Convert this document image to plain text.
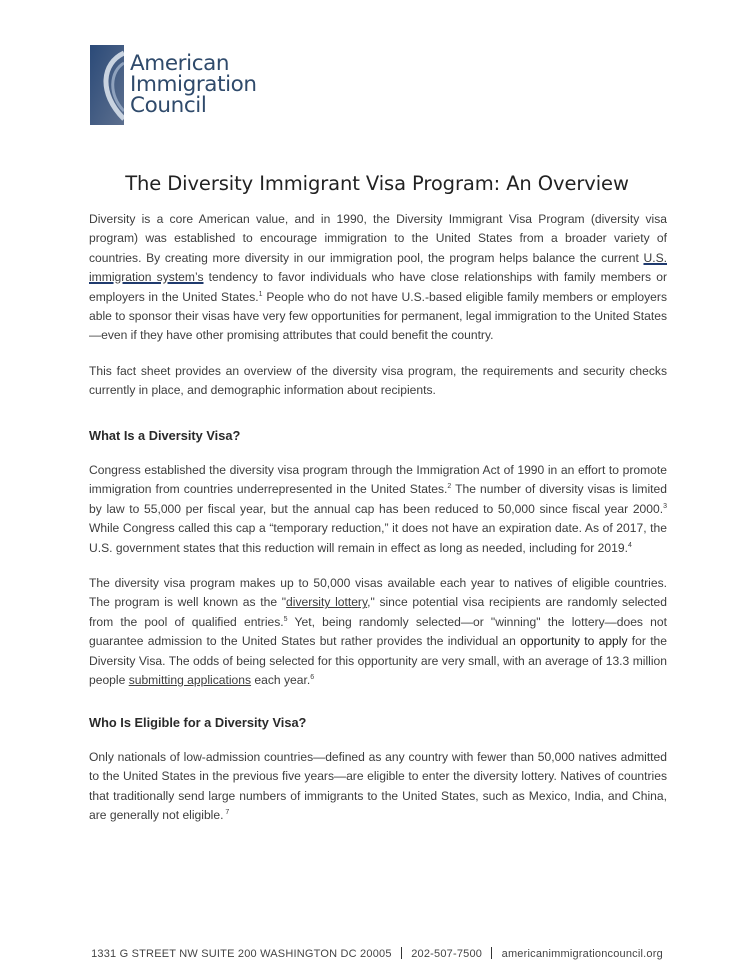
American
Immigration
Council
The Diversity Immigrant Visa Program: An Overview

Diversity is a core American value, and in 1990, the Diversity Immigrant Visa Program (diversity visa program) was established to encourage immigration to the United States from a broader variety of countries. By creating more diversity in our immigration pool, the program helps balance the current U.S. immigration system’s tendency to favor individuals who have close relationships with family members or employers in the United States.$^1$ People who do not have U.S.-based eligible family members or employers able to sponsor their visas have very few opportunities for permanent, legal immigration to the United States—even if they have other promising attributes that could benefit the country.

This fact sheet provides an overview of the diversity visa program, the requirements and security checks currently in place, and demographic information about recipients.

What Is a Diversity Visa?

Congress established the diversity visa program through the Immigration Act of 1990 in an effort to promote immigration from countries underrepresented in the United States.$^2$ The number of diversity visas is limited by law to 55,000 per fiscal year, but the annual cap has been reduced to 50,000 since fiscal year 2000.$^3$ While Congress called this cap a “temporary reduction,” it does not have an expiration date. As of 2017, the U.S. government states that this reduction will remain in effect as long as needed, including for 2019.$^4$

The diversity visa program makes up to 50,000 visas available each year to natives of eligible countries. The program is well known as the "diversity lottery," since potential visa recipients are randomly selected from the pool of qualified entries.$^5$ Yet, being randomly selected—or "winning" the lottery—does not guarantee admission to the United States but rather provides the individual an opportunity to apply for the Diversity Visa. The odds of being selected for this opportunity are very small, with an average of 13.3 million people submitting applications each year.$^6$

Who Is Eligible for a Diversity Visa?

Only nationals of low-admission countries—defined as any country with fewer than 50,000 natives admitted to the United States in the previous five years—are eligible to enter the diversity lottery. Natives of countries that traditionally send large numbers of immigrants to the United States, such as Mexico, India, and China, are generally not eligible. $^7$

1331 G STREET NW SUITE 200 WASHINGTON DC 20005 202-507-7500 americanimmigrationcouncil.org
